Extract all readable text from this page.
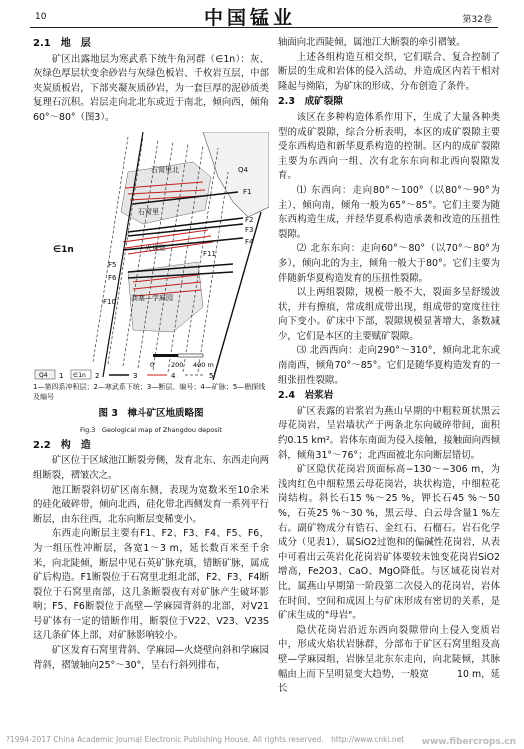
10	中国锰业	第32卷
2.1　地　层

矿区出露地层为寒武系下统牛角河群（∈1n）：灰、灰绿色厚层状变余砂岩与灰绿色板岩、千枚岩互层，中部夹炭质板岩，下部夹凝灰质砂岩，为一套巨厚的泥砂质类复理石沉积。岩层走向北北东或近于南北，倾向西，倾角60°～80°（图3）。

Q4
石窝里北
石窝里
火烧壁
高塞—学麻园
∈1n
F1
F2
F3
F4
F5
F6
F10
F11
0	200 400 m
Q4 1 ∈1n 2	3	4	5
1—第四系冲积层；2—寒武系下统；3—断层、编号；4—矿脉；5—勘探线及编号
图 3　樟斗矿区地质略图
Fig.3　Geological map of Zhangdou deposit
2.2　构　造

矿区位于区域池江断裂旁侧，发育北东、东西走向两组断裂，褶皱次之。

池江断裂斜切矿区南东侧，表现为宽数米至10余米的硅化破碎带，倾向北西，硅化带北西侧发育一系列平行断层，由东往西，北东向断层变稀变小。

东西走向断层主要有F1、F2、F3、F4、F5、F6，为一组压性冲断层，各宽1～3 m，延长数百米至千余米，向北陡倾，断层中见石英矿脉充填，错断矿脉，属成矿后构造。F1断裂位于石窝里北组北部，F2、F3、F4断裂位于石窝里南部，这几条断裂夜有对矿脉产生破坏影响；F5、F6断裂位于高壁—学麻园背斜的北部，对V21号矿体有一定的错断作用，断裂位于V22、V23、V23S这几条矿体上部，对矿脉影响较小。

矿区发育石窝里背斜、学麻园—火烧壁向斜和学麻园背斜，褶皱轴向25°～30°，呈右行斜列排布，

轴面向北西陡倾，属池江大断裂的牵引褶皱。

上述各组构造互相交织，它们联合、复合控制了断层的生成和岩体的侵入活动，并造成区内若干相对隆起与拗陷，为矿床的形成、分布创造了条件。

2.3　成矿裂隙

该区在多种构造体系作用下，生成了大量各种类型的成矿裂隙，综合分析表明，本区的成矿裂隙主要受东西构造和新华夏系构造的控制。区内的成矿裂隙主要为东西向一组、次有北东东向和北西向裂隙发育。

⑴ 东西向：走向80°～100°（以80°～90°为主），倾向南，倾角一般为65°～85°。它们主要为随东西构造生成，并经华夏系构造承袭和改造的压扭性裂隙。

⑵ 北东东向：走向60°～80°（以70°～80°为多），倾向北的为主，倾角一般大于80°。它们主要为伴随新华夏构造发育的压扭性裂隙。

以上两组裂隙，规模一般不大，裂面多呈舒缓波状，并有擦痕，常成组成带出现，组成带的宽度往往向下变小。矿床中下部，裂隙规模显著增大，条数减少，它们是本区的主要赋矿裂隙。

⑶ 北西西向：走向290°～310°，倾向北北东或南南西，倾角70°～85°。它们是随华夏构造发育的一组张扭性裂隙。

2.4　岩浆岩

矿区表露的岩浆岩为燕山早期的中粗粒斑状黑云母花岗岩，呈岩墙状产于两条北东向破碎带间，面积约0.15 km²。岩体东南面为侵入接触，接触面向西倾斜，倾角31°～76°；北西面被北东向断层错切。

矿区隐伏花岗岩顶面标高−130～−306 m，为浅肉红色中细粒黑云母花岗岩，块状构造，中细粒花岗结构。斜长石15 %～25 %，钾长石45 %～50 %，石英25 %～30 %，黑云母、白云母含量1 %左右。副矿物成分有锆石、金红石、石榴石。岩石化学成分（见表1），属SiO2过饱和的偏碱性花岗岩，从表中可看出云英岩化花岗岩矿体要较未蚀变花岗岩SiO2增高，Fe2O3、CaO、MgO降低。与区域花岗岩对比，属燕山早期第一阶段第二次侵入的花岗岩，岩体在时间、空间和成因上与矿床形成有密切的关系，是矿床生成的"母岩"。

隐伏花岗岩沿近东西向裂隙带向上侵入变质岩中，形成火焰状岩脉群，分部布于矿区石窝里组及高壁—学麻园组，岩脉呈北东东走向，向北陡倾，其脉幅由上而下呈明显变大趋势，一般宽　　　10 m，延长

?1994-2017 China Academic Journal Electronic Publishing House. All rights reserved.　http://www.cnki.net www.fibercrops.cn
